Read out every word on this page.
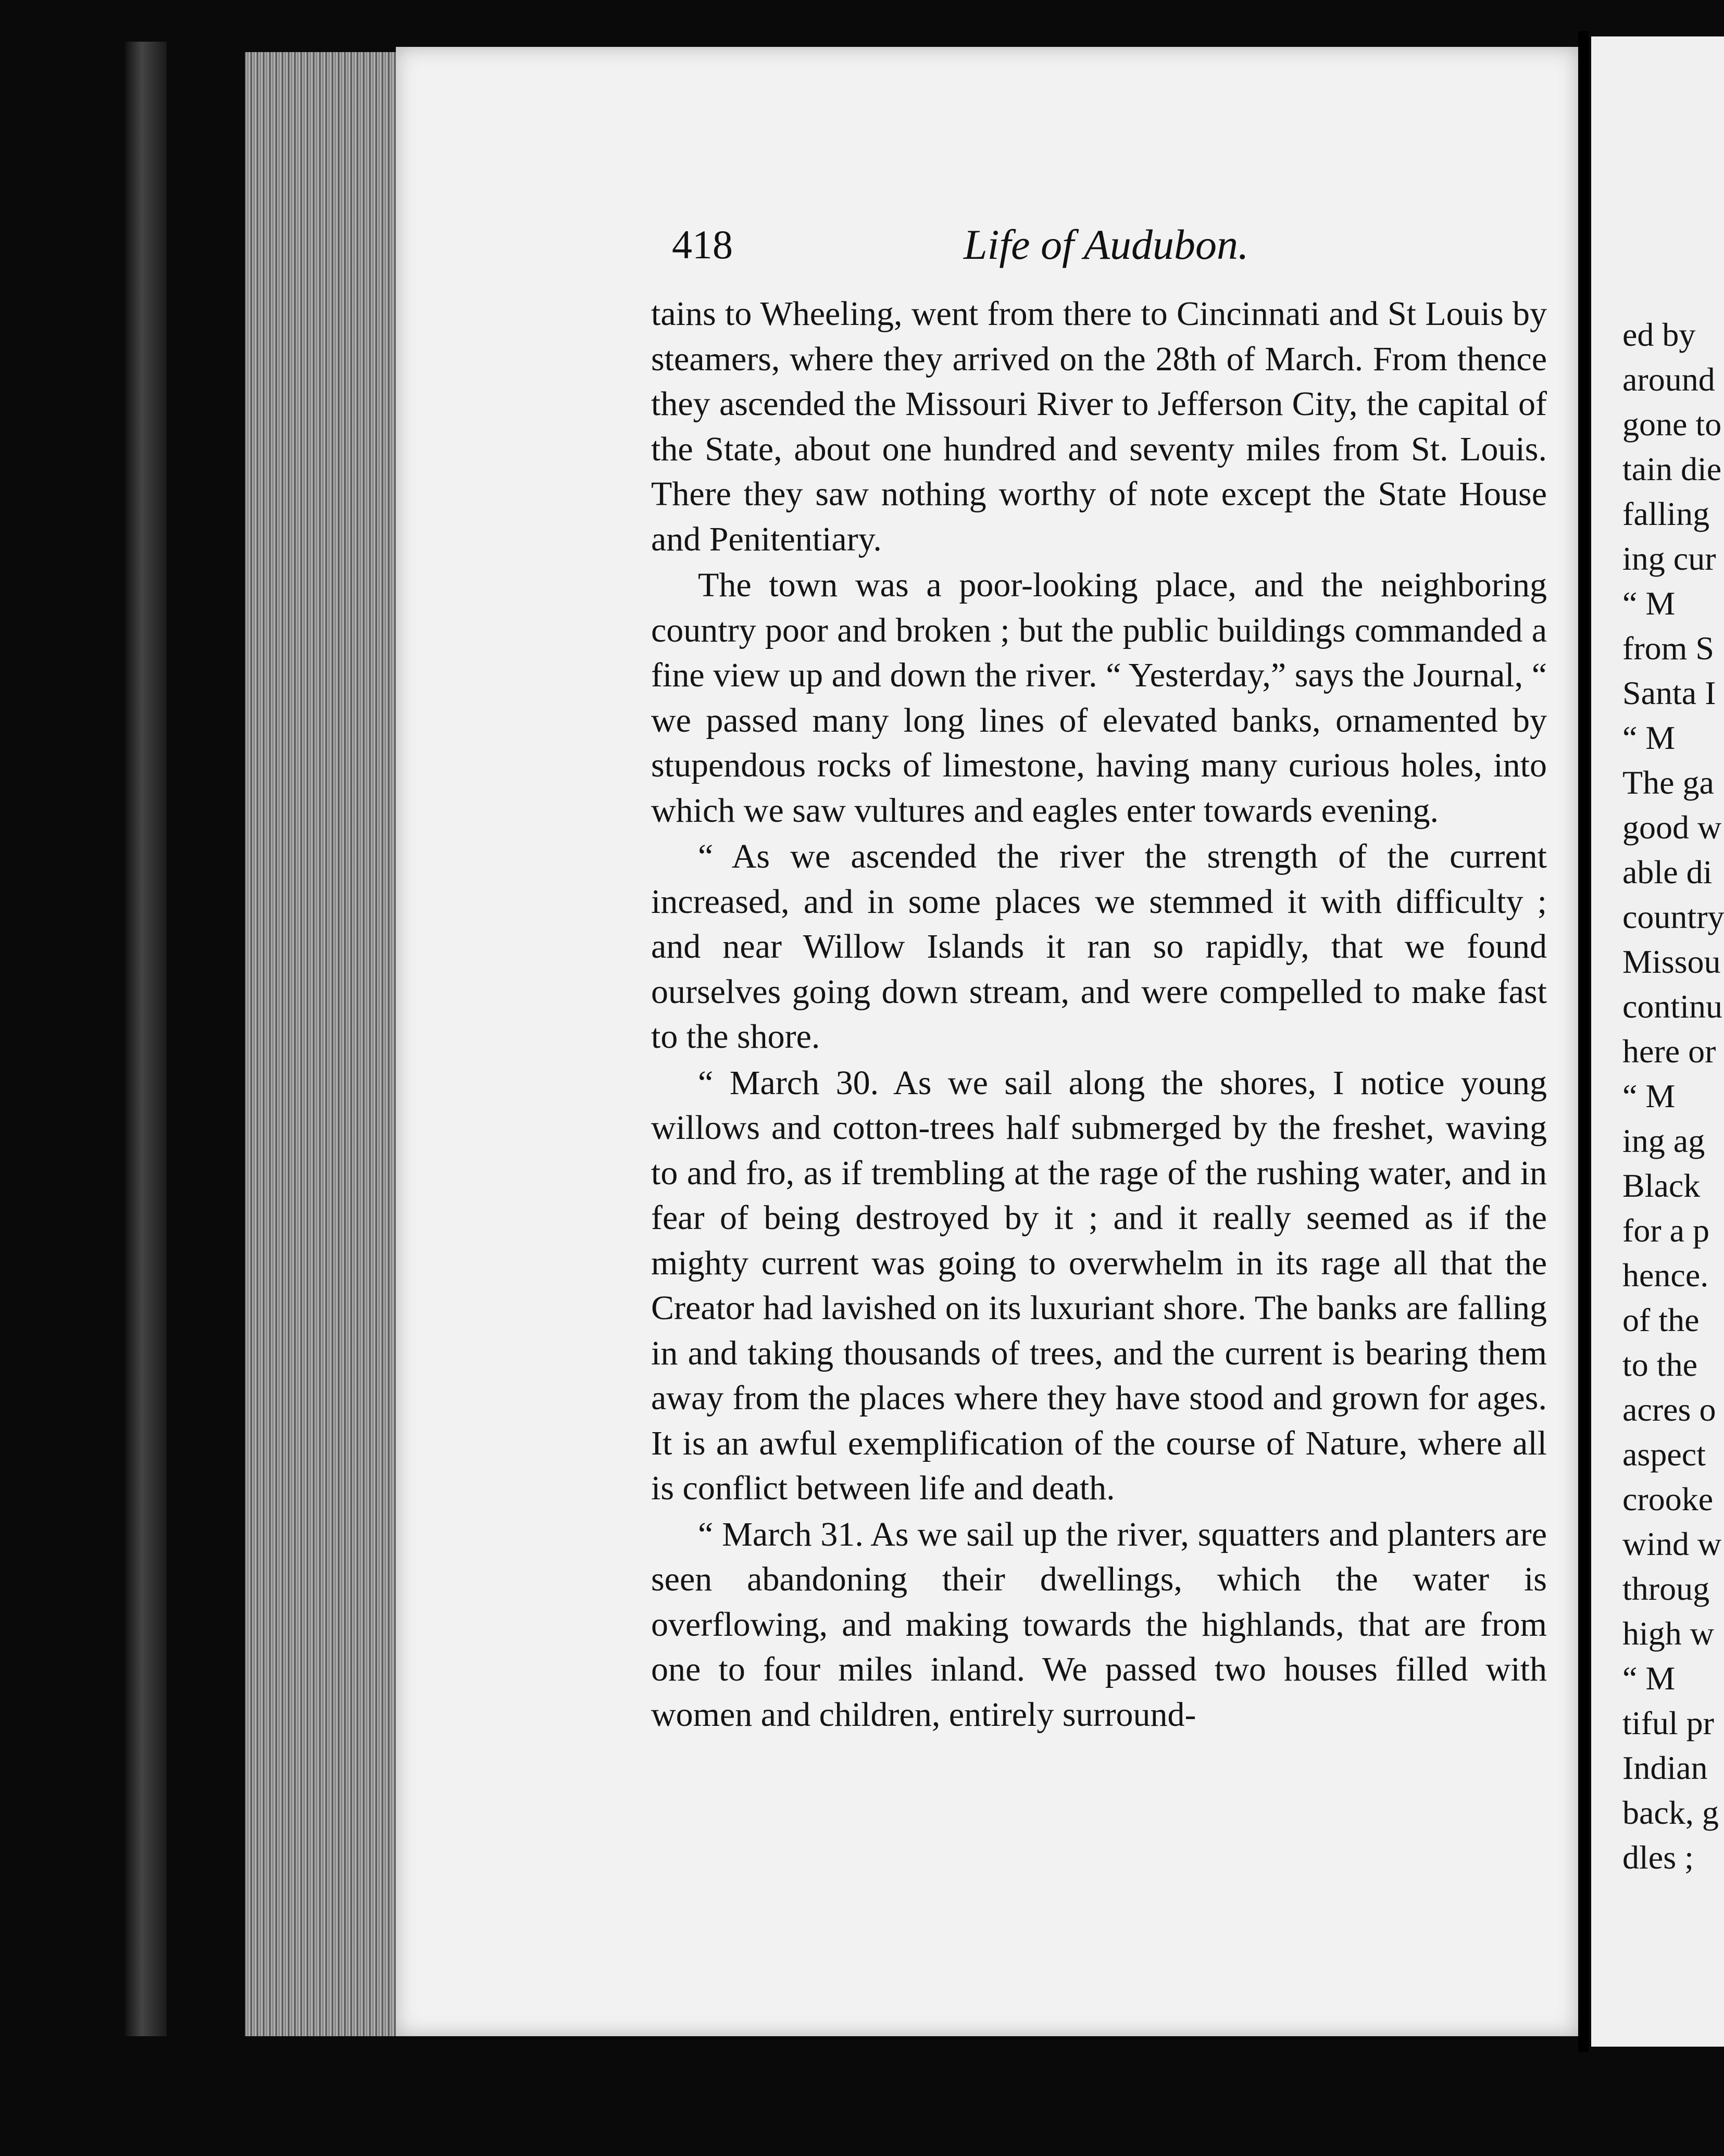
418	Life of Audubon.

tains to Wheeling, went from there to Cincinnati and St Louis by steamers, where they arrived on the 28th of March. From thence they ascended the Missouri River to Jefferson City, the capital of the State, about one hundred and seventy miles from St. Louis. There they saw nothing worthy of note except the State House and Penitentiary.

The town was a poor-looking place, and the neighboring country poor and broken ; but the public buildings commanded a fine view up and down the river. “ Yesterday,” says the Journal, “ we passed many long lines of elevated banks, ornamented by stupendous rocks of limestone, having many curious holes, into which we saw vultures and eagles enter towards evening.

“ As we ascended the river the strength of the current increased, and in some places we stemmed it with difficulty ; and near Willow Islands it ran so rapidly, that we found ourselves going down stream, and were compelled to make fast to the shore.

“ March 30. As we sail along the shores, I notice young willows and cotton-trees half submerged by the freshet, waving to and fro, as if trembling at the rage of the rushing water, and in fear of being destroyed by it ; and it really seemed as if the mighty current was going to overwhelm in its rage all that the Creator had lavished on its luxuriant shore. The banks are falling in and taking thousands of trees, and the current is bearing them away from the places where they have stood and grown for ages. It is an awful exemplification of the course of Nature, where all is conflict between life and death.

“ March 31. As we sail up the river, squatters and planters are seen abandoning their dwellings, which the water is overflowing, and making towards the highlands, that are from one to four miles inland. We passed two houses filled with women and children, entirely surround-

ed by
around
gone to
tain die
falling
ing cur
“ M
from S
Santa I
“ M
The ga
good w
able di
country
Missou
continu
here or
“ M
ing ag
Black
for a p
hence.
of the
to the
acres o
aspect
crooke
wind w
throug
high w
“ M
tiful pr
Indian
back, g
dles ;
